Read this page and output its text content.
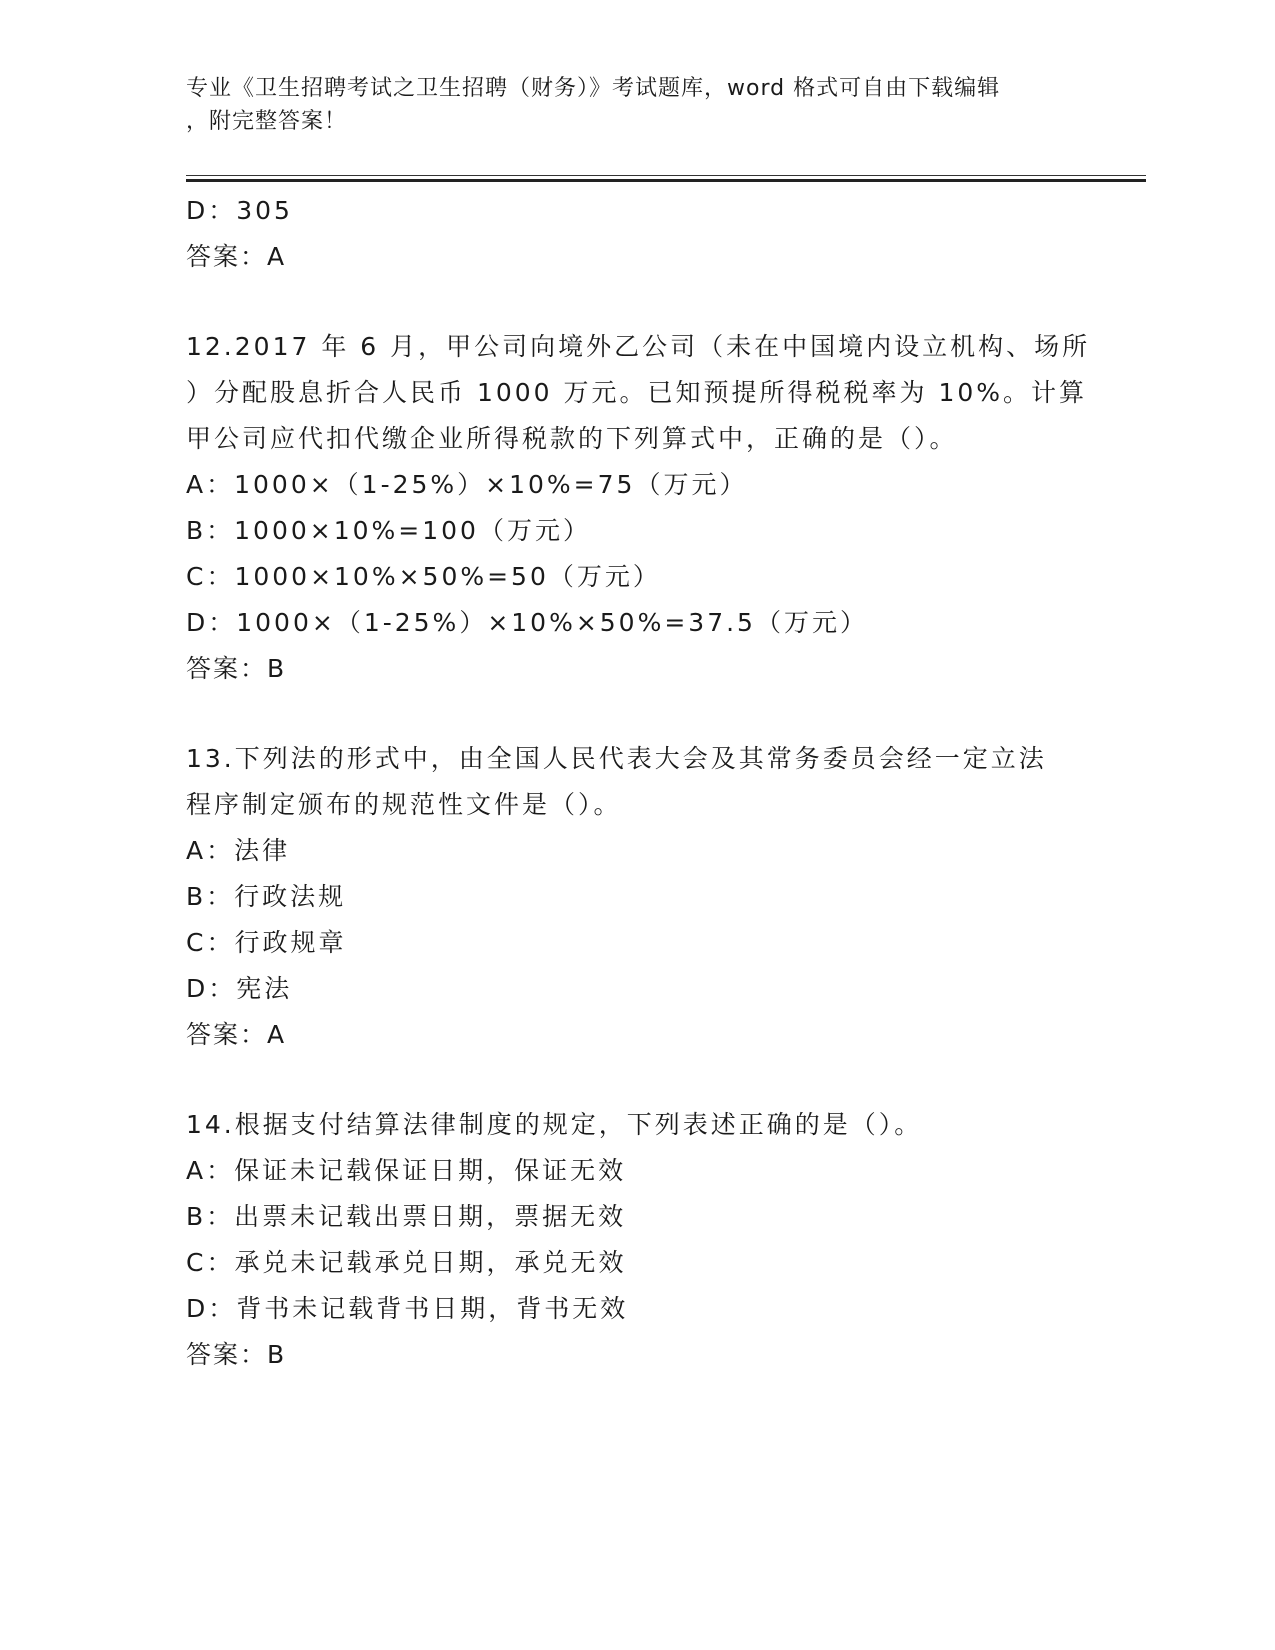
专业《卫生招聘考试之卫生招聘（财务）》考试题库，word 格式可自由下载编辑
，附完整答案！
D：305
答案：A
12.2017 年 6 月，甲公司向境外乙公司（未在中国境内设立机构、场所
）分配股息折合人民币 1000 万元。已知预提所得税税率为 10%。计算
甲公司应代扣代缴企业所得税款的下列算式中，正确的是（）。
A：1000×（1-25%）×10%=75（万元）
B：1000×10%=100（万元）
C：1000×10%×50%=50（万元）
D：1000×（1-25%）×10%×50%=37.5（万元）
答案：B
13.下列法的形式中，由全国人民代表大会及其常务委员会经一定立法
程序制定颁布的规范性文件是（）。
A：法律
B：行政法规
C：行政规章
D：宪法
答案：A
14.根据支付结算法律制度的规定，下列表述正确的是（）。
A：保证未记载保证日期，保证无效
B：出票未记载出票日期，票据无效
C：承兑未记载承兑日期，承兑无效
D：背书未记载背书日期，背书无效
答案：B
